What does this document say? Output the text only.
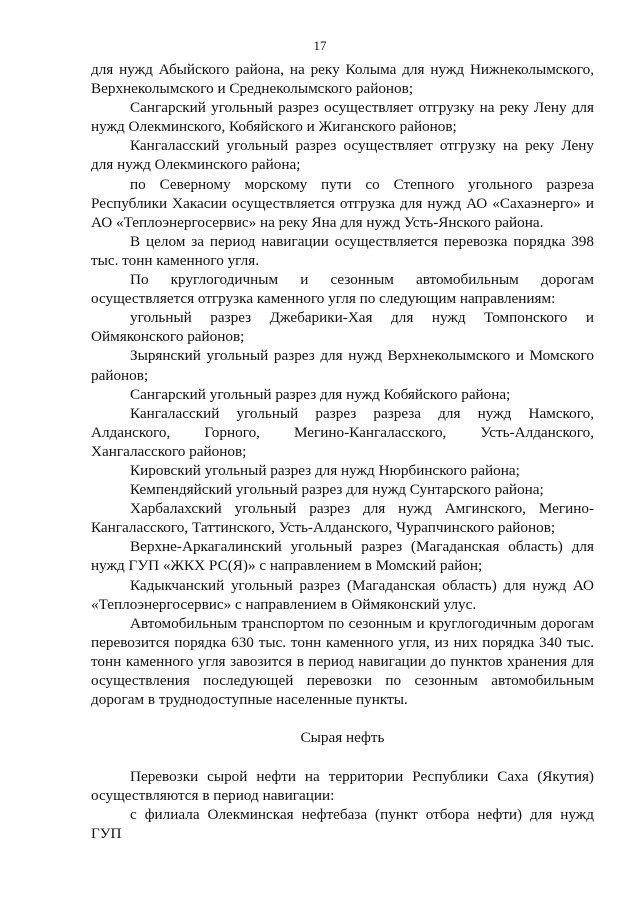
17

для нужд Абыйского района, на реку Колыма для нужд Нижнеколымского, Верхнеколымского и Среднеколымского районов;

Сангарский угольный разрез осуществляет отгрузку на реку Лену для нужд Олекминского, Кобяйского и Жиганского районов;

Кангаласский угольный разрез осуществляет отгрузку на реку Лену для нужд Олекминского района;

по Северному морскому пути со Степного угольного разреза Республики Хакасии осуществляется отгрузка для нужд АО «Сахаэнерго» и АО «Теплоэнергосервис» на реку Яна для нужд Усть-Янского района.

В целом за период навигации осуществляется перевозка порядка 398 тыс. тонн каменного угля.

По круглогодичным и сезонным автомобильным дорогам осуществляется отгрузка каменного угля по следующим направлениям:

угольный разрез Джебарики-Хая для нужд Томпонского и Оймяконского районов;

Зырянский угольный разрез для нужд Верхнеколымского и Момского районов;

Сангарский угольный разрез для нужд Кобяйского района;

Кангаласский угольный разрез разреза для нужд Намского, Алданского, Горного, Мегино-Кангаласского, Усть-Алданского, Хангаласского районов;

Кировский угольный разрез для нужд Нюрбинского района;

Кемпендяйский угольный разрез для нужд Сунтарского района;

Харбалахский угольный разрез для нужд Амгинского, Мегино-Кангаласского, Таттинского, Усть-Алданского, Чурапчинского районов;

Верхне-Аркагалинский угольный разрез (Магаданская область) для нужд ГУП «ЖКХ РС(Я)» с направлением в Момский район;

Кадыкчанский угольный разрез (Магаданская область) для нужд АО «Теплоэнергосервис» с направлением в Оймяконский улус.

Автомобильным транспортом по сезонным и круглогодичным дорогам перевозится порядка 630 тыс. тонн каменного угля, из них порядка 340 тыс. тонн каменного угля завозится в период навигации до пунктов хранения для осуществления последующей перевозки по сезонным автомобильным дорогам в труднодоступные населенные пункты.

Сырая нефть

Перевозки сырой нефти на территории Республики Саха (Якутия) осуществляются в период навигации:

с филиала Олекминская нефтебаза (пункт отбора нефти) для нужд ГУП
